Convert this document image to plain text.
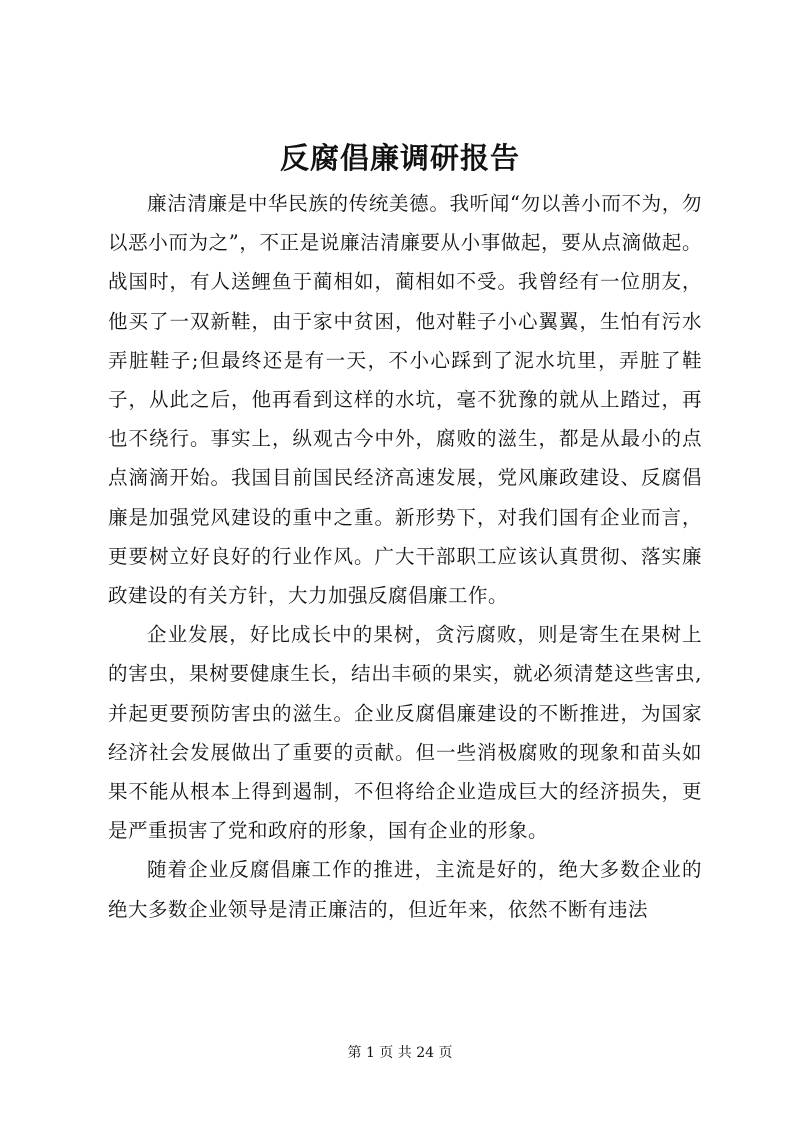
反腐倡廉调研报告

廉洁清廉是中华民族的传统美德。我听闻“勿以善小而不为，勿以恶小而为之”，不正是说廉洁清廉要从小事做起，要从点滴做起。战国时，有人送鲤鱼于蔺相如，蔺相如不受。我曾经有一位朋友，他买了一双新鞋，由于家中贫困，他对鞋子小心翼翼，生怕有污水弄脏鞋子;但最终还是有一天，不小心踩到了泥水坑里，弄脏了鞋子，从此之后，他再看到这样的水坑，毫不犹豫的就从上踏过，再也不绕行。事实上，纵观古今中外，腐败的滋生，都是从最小的点点滴滴开始。我国目前国民经济高速发展，党风廉政建设、反腐倡廉是加强党风建设的重中之重。新形势下，对我们国有企业而言，更要树立好良好的行业作风。广大干部职工应该认真贯彻、落实廉政建设的有关方针，大力加强反腐倡廉工作。

企业发展，好比成长中的果树，贪污腐败，则是寄生在果树上的害虫，果树要健康生长，结出丰硕的果实，就必须清楚这些害虫,并起更要预防害虫的滋生。企业反腐倡廉建设的不断推进，为国家经济社会发展做出了重要的贡献。但一些消极腐败的现象和苗头如果不能从根本上得到遏制，不但将给企业造成巨大的经济损失，更是严重损害了党和政府的形象，国有企业的形象。

随着企业反腐倡廉工作的推进，主流是好的，绝大多数企业的绝大多数企业领导是清正廉洁的，但近年来，依然不断有违法

第 1 页 共 24 页
